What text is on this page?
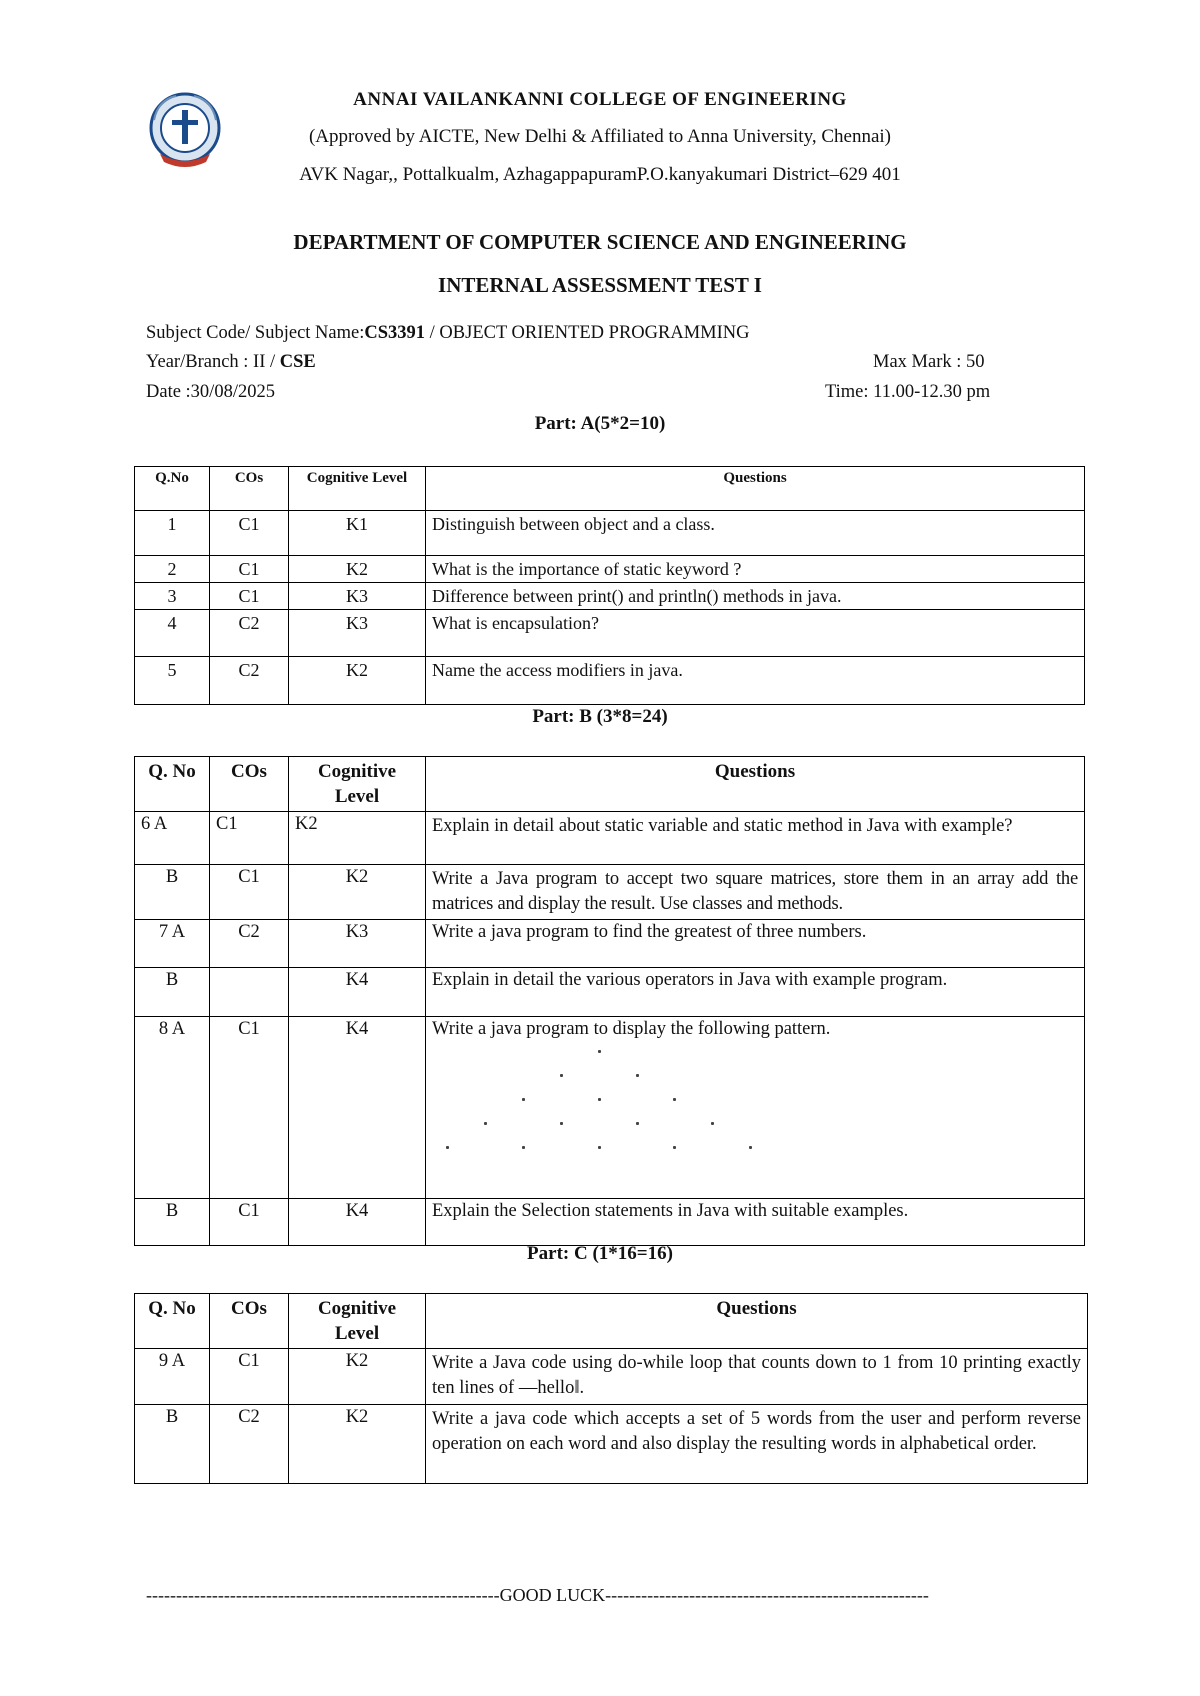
ANNAI VAILANKANNI COLLEGE OF ENGINEERING
(Approved by AICTE, New Delhi & Affiliated to Anna University, Chennai)
AVK Nagar,, Pottalkualm, AzhagappapuramP.O.kanyakumari District–629 401
DEPARTMENT OF COMPUTER SCIENCE AND ENGINEERING
INTERNAL ASSESSMENT TEST I
Subject Code/ Subject Name:CS3391 / OBJECT ORIENTED PROGRAMMING
Year/Branch : II / CSE	Max Mark : 50
Date :30/08/2025	Time: 11.00-12.30 pm
Part: A(5*2=10)
Q.No	COs	Cognitive Level	Questions
1	C1	K1	Distinguish between object and a class.
2	C1	K2	What is the importance of static keyword ?
3	C1	K3	Difference between print() and println() methods in java.
4	C2	K3	What is encapsulation?
5	C2	K2	Name the access modifiers in java.
Part: B (3*8=24)
Q. No	COs	Cognitive Level	Questions
6 A	C1	K2	Explain in detail about static variable and static method in Java with example?
B	C1	K2	Write a Java program to accept two square matrices, store them in an array add the matrices and display the result. Use classes and methods.
7 A	C2	K3	Write a java program to find the greatest of three numbers.
B		K4	Explain in detail the various operators in Java with example program.
8 A	C1	K4	Write a java program to display the following pattern.

B	C1	K4	Explain the Selection statements in Java with suitable examples.
Part: C (1*16=16)
Q. No	COs	Cognitive Level	Questions
9 A	C1	K2	Write a Java code using do-while loop that counts down to 1 from 10 printing exactly ten lines of ―hello‖.
B	C2	K2	Write a java code which accepts a set of 5 words from the user and perform reverse operation on each word and also display the resulting words in alphabetical order.
-----------------------------------------------------------GOOD LUCK------------------------------------------------------
